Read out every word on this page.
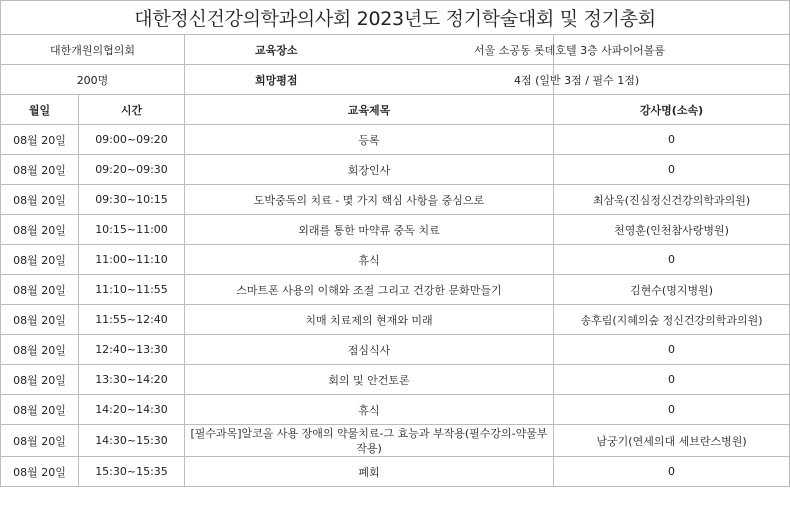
대한정신건강의학과의사회 2023년도 정기학술대회 및 정기총회			
대한개원의협의회		교육장소	서울 소공동 롯데호텔 3층 사파이어볼룸

200명		희망평점	4점 (일반 3점 / 필수 1점)

월일	시간	교육제목	강사명(소속)
08월 20일	09:00~09:20	등록	0
08월 20일	09:20~09:30	회장인사	0
08월 20일	09:30~10:15	도박중독의 치료 - 몇 가지 핵심 사항을 중심으로	최삼욱(진심정신건강의학과의원)
08월 20일	10:15~11:00	외래를 통한 마약류 중독 치료	천영훈(인천참사랑병원)
08월 20일	11:00~11:10	휴식	0
08월 20일	11:10~11:55	스마트폰 사용의 이해와 조절 그리고 건강한 문화만들기	김현수(명지병원)
08월 20일	11:55~12:40	치매 치료제의 현재와 미래	송후림(지혜의숲 정신건강의학과의원)
08월 20일	12:40~13:30	점심식사	0
08월 20일	13:30~14:20	회의 및 안건토론	0
08월 20일	14:20~14:30	휴식	0
08월 20일	14:30~15:30	[필수과목]알코올 사용 장애의 약물치료-그 효능과 부작용(필수강의-약물부작용)	남궁기(연세의대 세브란스병원)
08월 20일	15:30~15:35	폐회	0
